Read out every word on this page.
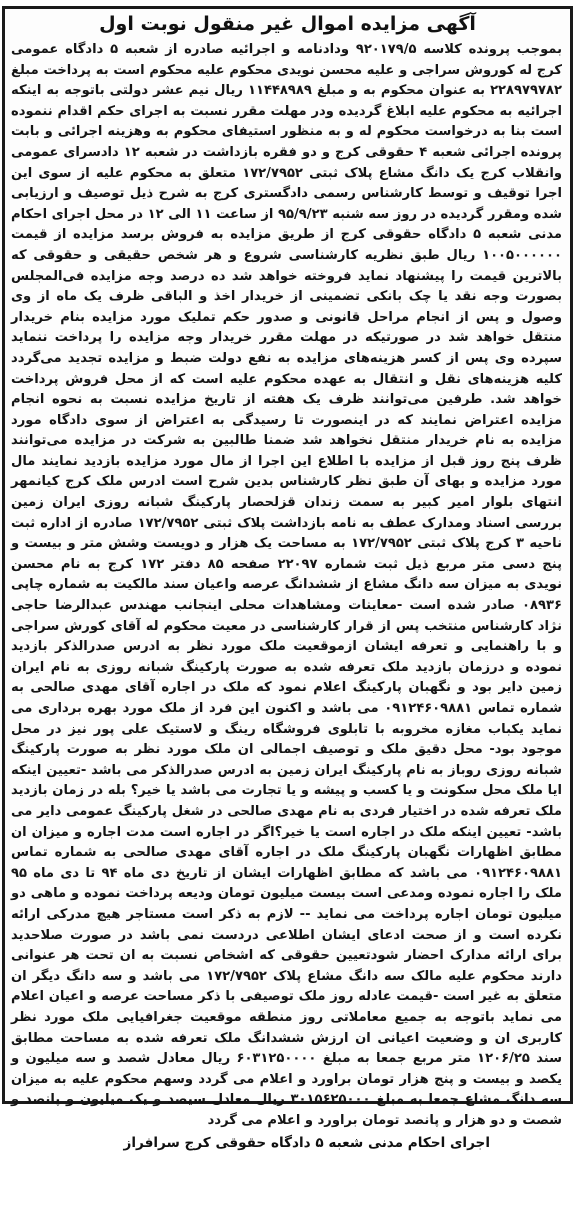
آگهی مزایده اموال غیر منقول نوبت اول

بموجب پرونده کلاسه ۹۲۰۱۷۹/۵ ودادنامه و اجرائیه صادره از شعبه ۵ دادگاه عمومی کرج له کوروش سراجی و علیه محسن نویدی محکوم علیه محکوم است به پرداخت مبلغ ۲۲۸۹۷۹۷۸۲ به عنوان محکوم به و مبلغ ۱۱۴۴۸۹۸۹ ریال نیم عشر دولتی باتوجه به اینکه اجرائیه به محکوم علیه ابلاغ گردیده ودر مهلت مقرر نسبت به اجرای حکم اقدام ننموده است بنا به درخواست محکوم له و به منظور استیفای محکوم به وهزینه اجرائی و بابت پرونده اجرائی شعبه ۴ حقوقی کرج و دو فقره بازداشت در شعبه ۱۲ دادسرای عمومی وانقلاب کرج یک دانگ مشاع پلاک ثبتی ۱۷۲/۷۹۵۲ متعلق به محکوم علیه از سوی این اجرا توقیف و توسط کارشناس رسمی دادگستری کرج به شرح ذیل توصیف و ارزیابی شده ومقرر گردیده در روز سه شنبه ۹۵/۹/۲۳ از ساعت ۱۱ الی ۱۲ در محل اجرای احکام مدنی شعبه ۵ دادگاه حقوقی کرج از طریق مزایده به فروش برسد مزایده از قیمت ۱۰۰۵۰۰۰۰۰۰ ریال طبق نظریه کارشناسی شروع و هر شخص حقیقی و حقوقی که بالاترین قیمت را پیشنهاد نماید فروخته خواهد شد ده درصد وجه مزایده فی‌المجلس بصورت وجه نقد یا چک بانکی تضمینی از خریدار اخذ و الباقی ظرف یک ماه از وی وصول و پس از انجام مراحل قانونی و صدور حکم تملیک مورد مزایده بنام خریدار منتقل خواهد شد در صورتیکه در مهلت مقرر خریدار وجه مزایده را پرداخت ننماید سپرده وی پس از کسر هزینه‌های مزایده به نفع دولت ضبط و مزایده تجدید می‌گردد کلیه هزینه‌های نقل و انتقال به عهده محکوم علیه است که از محل فروش پرداخت خواهد شد. طرفین می‌توانند ظرف یک هفته از تاریخ مزایده نسبت به نحوه انجام مزایده اعتراض نمایند که در اینصورت تا رسیدگی به اعتراض از سوی دادگاه مورد مزایده به نام خریدار منتقل نخواهد شد ضمنا طالبین به شرکت در مزایده می‌توانند ظرف پنج روز قبل از مزایده با اطلاع این اجرا از مال مورد مزایده بازدید نمایند مال مورد مزایده و بهای آن طبق نظر کارشناس بدین شرح است ادرس ملک کرج کیانمهر انتهای بلوار امیر کبیر به سمت زندان قزلحصار پارکینگ شبانه روزی ایران زمین بررسی اسناد ومدارک عطف به نامه بازداشت پلاک ثبتی ۱۷۲/۷۹۵۲ صادره از اداره ثبت ناحیه ۳ کرج پلاک ثبتی ۱۷۲/۷۹۵۲ به مساحت یک هزار و دویست وشش متر و بیست و پنج دسی متر مربع ذیل ثبت شماره ۲۲۰۹۷ صفحه ۸۵ دفتر ۱۷۲ کرج به نام محسن نویدی به میزان سه دانگ مشاع از ششدانگ عرصه واعیان سند مالکیت به شماره چاپی ۰۸۹۳۶ صادر شده است -معاینات ومشاهدات محلی اینجانب مهندس عبدالرضا حاجی نژاد کارشناس منتخب پس از قرار کارشناسی در معیت محکوم له آقای کورش سراجی و با راهنمایی و تعرفه ایشان ازموقعیت ملک مورد نظر به ادرس صدرالذکر بازدید نموده و درزمان بازدید ملک تعرفه شده به صورت پارکینگ شبانه روزی به نام ایران زمین دایر بود و نگهبان پارکینگ اعلام نمود که ملک در اجاره آقای مهدی صالحی به شماره تماس ۰۹۱۲۴۶۰۹۸۸۱ می باشد و اکنون این فرد از ملک مورد بهره برداری می نماید یکباب مغازه مخروبه با تابلوی فروشگاه رینگ و لاستیک علی پور نیز در محل موجود بود- محل دقیق ملک و توصیف اجمالی ان ملک مورد نظر به صورت پارکینگ شبانه روزی روباز به نام پارکینگ ایران زمین به ادرس صدرالذکر می باشد -تعیین اینکه ایا ملک محل سکونت و یا کسب و پیشه و یا تجارت می باشد یا خیر؟ بله در زمان بازدید ملک تعرفه شده در اختیار فردی به نام مهدی صالحی در شغل پارکینگ عمومی دایر می باشد- تعیین اینکه ملک در اجاره است یا خیر؟اگر در اجاره است مدت اجاره و میزان ان مطابق اظهارات نگهبان پارکینگ ملک در اجاره آقای مهدی صالحی به شماره تماس ۰۹۱۲۴۶۰۹۸۸۱ می باشد که مطابق اظهارات ایشان از تاریخ دی ماه ۹۴ تا دی ماه ۹۵ ملک را اجاره نموده ومدعی است بیست میلیون تومان ودیعه پرداخت نموده و ماهی دو میلیون تومان اجاره پرداخت می نماید -- لازم به ذکر است مستاجر هیچ مدرکی ارائه نکرده است و از صحت ادعای ایشان اطلاعی دردست نمی باشد در صورت صلاحدید برای ارائه مدارک احضار شودتعیین حقوقی که اشخاص نسبت به ان تحت هر عنوانی دارند محکوم علیه مالک سه دانگ مشاع پلاک ۱۷۲/۷۹۵۲ می باشد و سه دانگ دیگر ان متعلق به غیر است -قیمت عادله روز ملک توصیفی با ذکر مساحت عرصه و اعیان اعلام می نماید باتوجه به جمیع معاملاتی روز منطقه موقعیت جغرافیایی ملک مورد نظر کاربری ان و وضعیت اعیانی ان ارزش ششدانگ ملک تعرفه شده به مساحت مطابق سند ۱۲۰۶/۲۵ متر مربع جمعا به مبلغ ۶۰۳۱۲۵۰۰۰۰ ریال معادل شصد و سه میلیون و یکصد و بیست و پنج هزار تومان براورد و اعلام می گردد وسهم محکوم علیه به میزان سه دانگ مشاع جمعا به مبلغ ۳۰۱۵۶۲۵۰۰۰ ریال معادل سیصد و یک میلیون و پانصد و شصت و دو هزار و پانصد تومان براورد و اعلام می گردد

اجرای احکام مدنی شعبه ۵ دادگاه حقوقی کرج سرافراز
